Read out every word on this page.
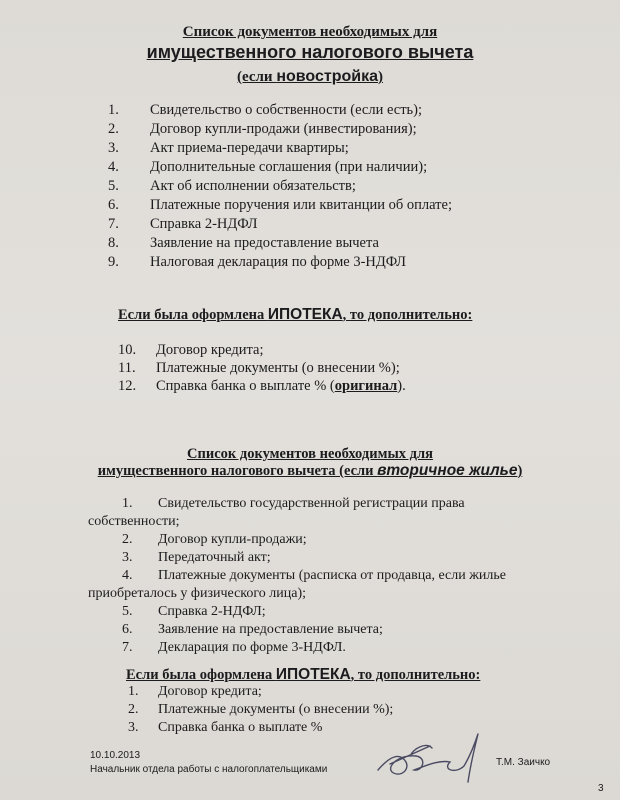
Список документов необходимых для
имущественного налогового вычета
(если новостройка)
1. Свидетельство о собственности (если есть);
2. Договор купли-продажи (инвестирования);
3. Акт приема-передачи квартиры;
4. Дополнительные соглашения (при наличии);
5. Акт об исполнении обязательств;
6. Платежные поручения или квитанции об оплате;
7. Справка 2-НДФЛ
8. Заявление на предоставление вычета
9. Налоговая декларация по форме 3-НДФЛ
Если была оформлена ИПОТЕКА, то дополнительно:
10. Договор кредита;
11. Платежные документы (о внесении %);
12. Справка банка о выплате % (оригинал).
Список документов необходимых для
имущественного налогового вычета (если вторичное жилье)
1. Свидетельство государственной регистрации права
собственности;
2. Договор купли-продажи;
3. Передаточный акт;
4. Платежные документы (расписка от продавца, если жилье
приобреталось у физического лица);
5. Справка 2-НДФЛ;
6. Заявление на предоставление вычета;
7. Декларация по форме 3-НДФЛ.
Если была оформлена ИПОТЕКА, то дополнительно:
1. Договор кредита;
2. Платежные документы (о внесении %);
3. Справка банка о выплате %
10.10.2013
Начальник отдела работы с налогоплательщиками
Т.М. Зaичко
3
